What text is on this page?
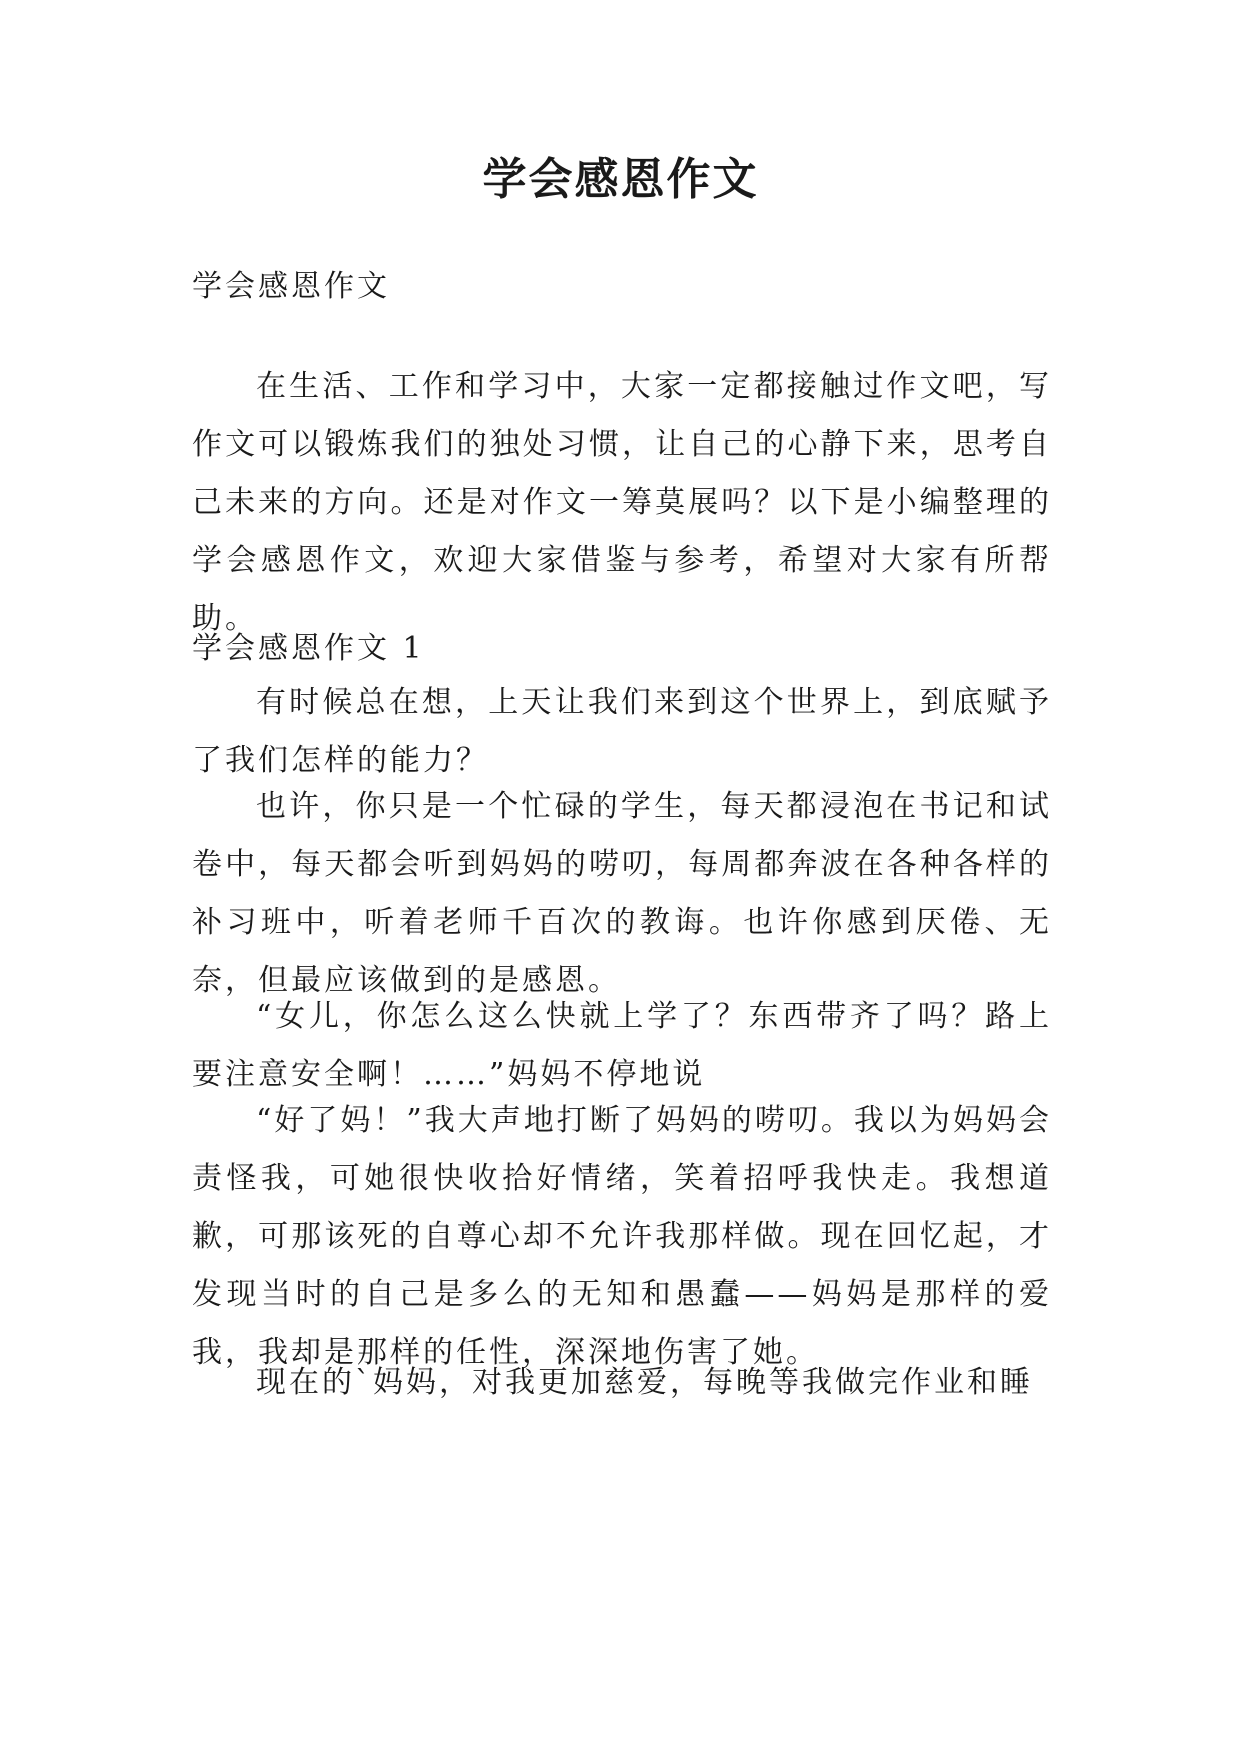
学会感恩作文

学会感恩作文

在生活、工作和学习中，大家一定都接触过作文吧，写作文可以锻炼我们的独处习惯，让自己的心静下来，思考自己未来的方向。还是对作文一筹莫展吗？以下是小编整理的学会感恩作文，欢迎大家借鉴与参考，希望对大家有所帮助。

学会感恩作文 1

有时候总在想，上天让我们来到这个世界上，到底赋予了我们怎样的能力？

也许，你只是一个忙碌的学生，每天都浸泡在书记和试卷中，每天都会听到妈妈的唠叨，每周都奔波在各种各样的补习班中，听着老师千百次的教诲。也许你感到厌倦、无奈，但最应该做到的是感恩。

“女儿，你怎么这么快就上学了？东西带齐了吗？路上要注意安全啊！……”妈妈不停地说

“好了妈！”我大声地打断了妈妈的唠叨。我以为妈妈会责怪我，可她很快收拾好情绪，笑着招呼我快走。我想道歉，可那该死的自尊心却不允许我那样做。现在回忆起，才发现当时的自己是多么的无知和愚蠢——妈妈是那样的爱我，我却是那样的任性，深深地伤害了她。

现在的`妈妈，对我更加慈爱，每晚等我做完作业和睡
